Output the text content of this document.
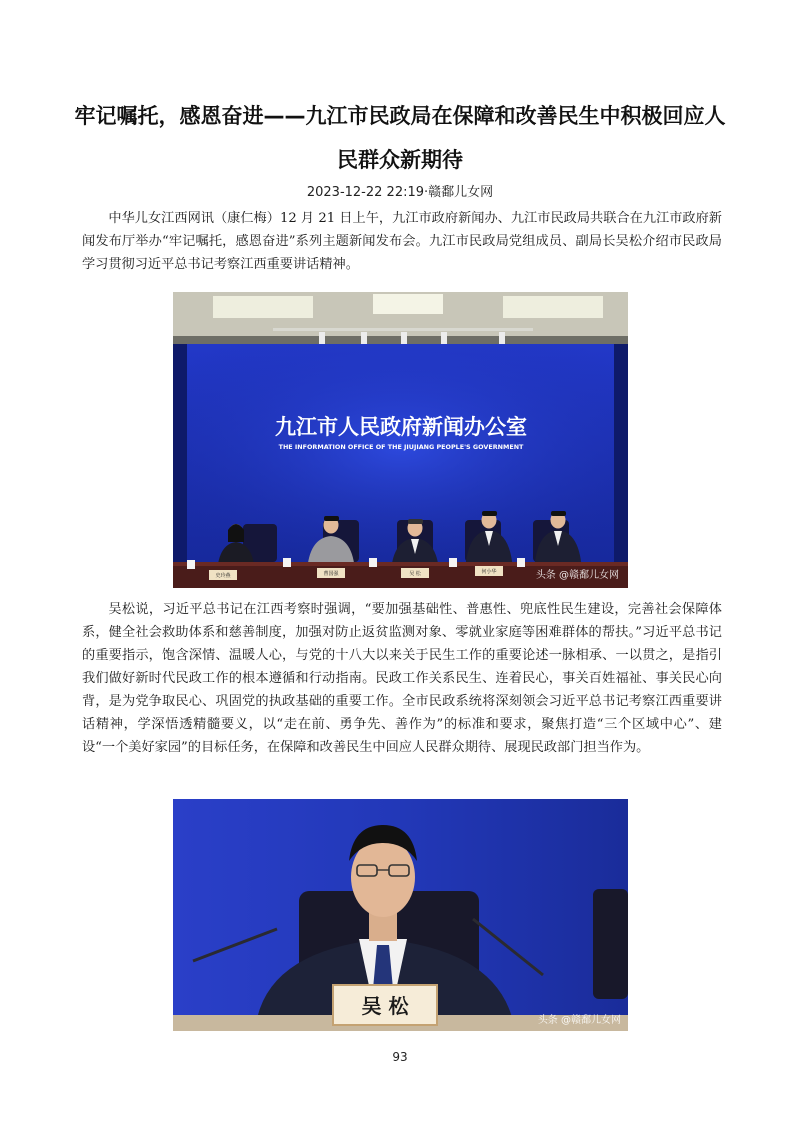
牢记嘱托，感恩奋进——九江市民政局在保障和改善民生中积极回应人民群众新期待
2023-12-22 22:19·赣鄱儿女网

中华儿女江西网讯（康仁梅）12 月 21 日上午，九江市政府新闻办、九江市民政局共联合在九江市政府新闻发布厅举办“牢记嘱托，感恩奋进”系列主题新闻发布会。九江市民政局党组成员、副局长吴松介绍市民政局学习贯彻习近平总书记考察江西重要讲话精神。

九江市人民政府新闻办公室
THE INFORMATION OFFICE OF THE JIUJIANG PEOPLE'S GOVERNMENT
史玲燕	曹国强	吴 松	何小华	头条 @赣鄱儿女网

吴松说，习近平总书记在江西考察时强调，“要加强基础性、普惠性、兜底性民生建设，完善社会保障体系，健全社会救助体系和慈善制度，加强对防止返贫监测对象、零就业家庭等困难群体的帮扶。”习近平总书记的重要指示，饱含深情、温暖人心，与党的十八大以来关于民生工作的重要论述一脉相承、一以贯之，是指引我们做好新时代民政工作的根本遵循和行动指南。民政工作关系民生、连着民心，事关百姓福祉、事关民心向背，是为党争取民心、巩固党的执政基础的重要工作。全市民政系统将深刻领会习近平总书记考察江西重要讲话精神，学深悟透精髓要义，以“走在前、勇争先、善作为”的标准和要求，聚焦打造“三个区域中心”、建设“一个美好家园”的目标任务，在保障和改善民生中回应人民群众期待、展现民政部门担当作为。

吴 松
头条 @赣鄱儿女网
93
